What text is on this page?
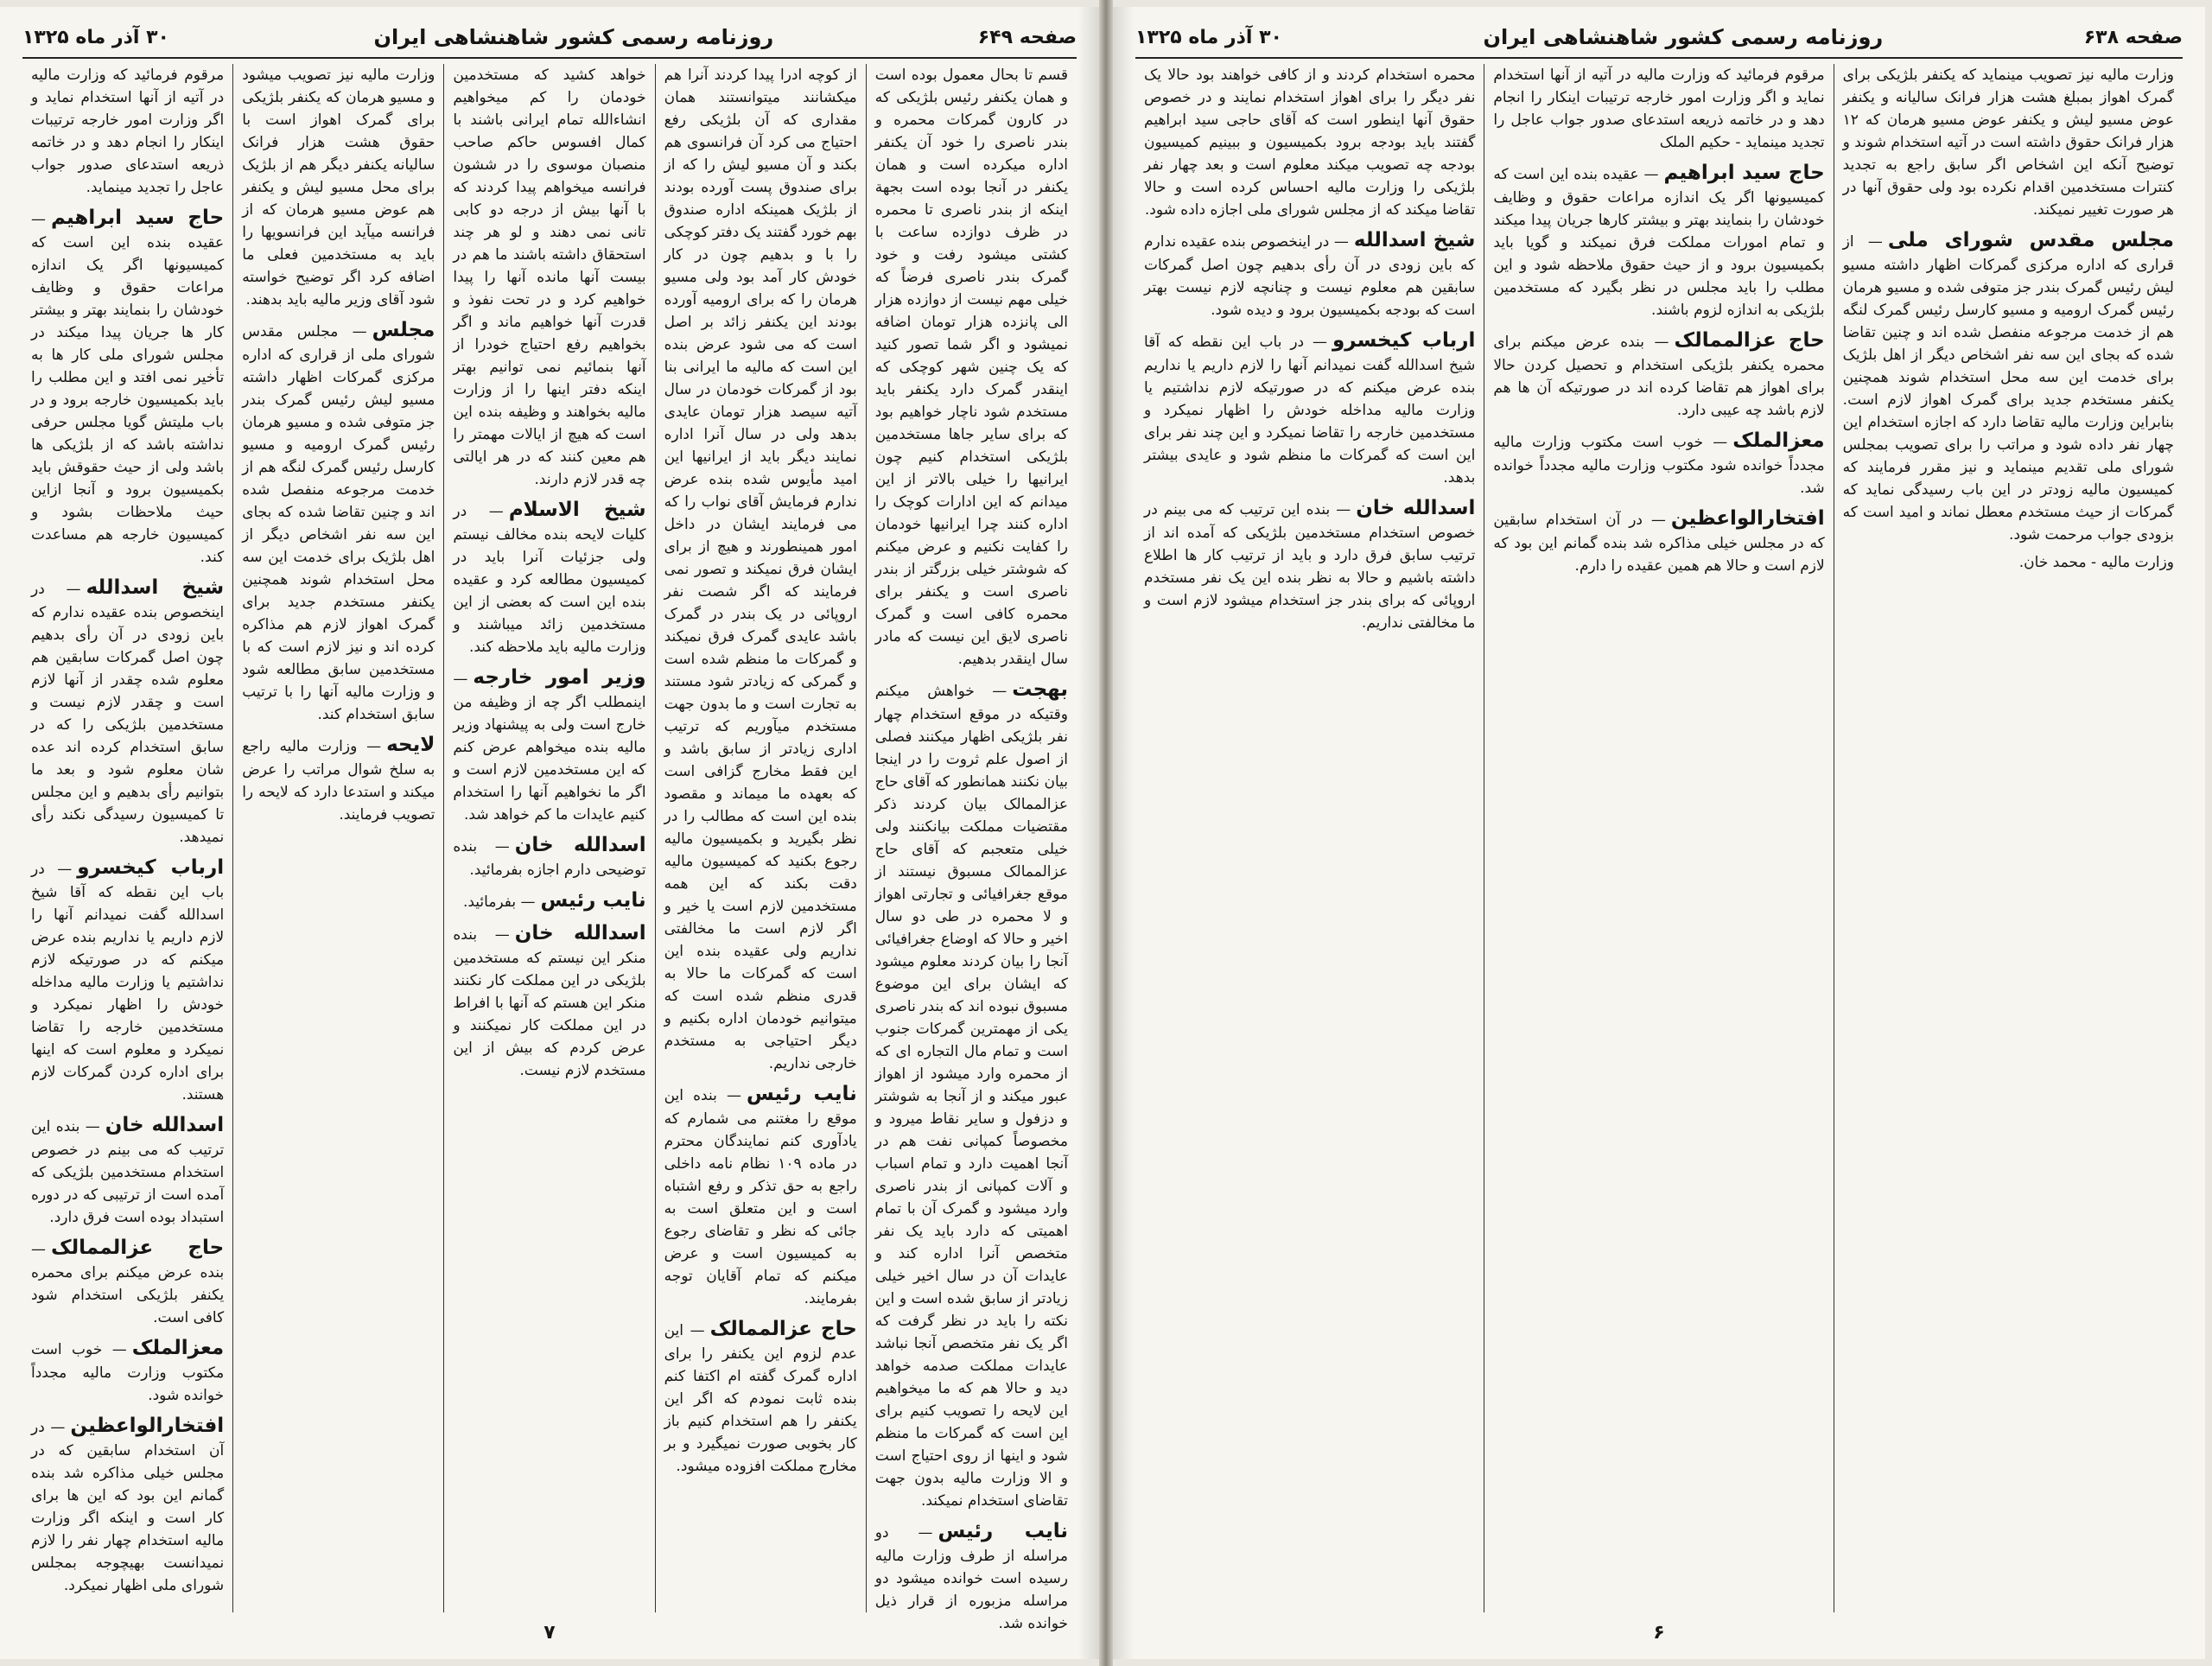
صفحه ۶۴۹
روزنامه رسمی کشور شاهنشاهی ایران
۳۰ آذر ماه ۱۳۲۵

قسم تا بحال معمول بوده است و همان یکنفر رئیس بلژیکی که در کارون گمرکات محمره و بندر ناصری را خود آن یکنفر اداره میکرده است و همان یکنفر در آنجا بوده است بجهة اینکه از بندر ناصری تا محمره در ظرف دوازده ساعت با کشتی میشود رفت و خود گمرک بندر ناصری فرضاً که خیلی مهم نیست از دوازده هزار الی پانزده هزار تومان اضافه نمیشود و اگر شما تصور کنید که یک چنین شهر کوچکی که اینقدر گمرک دارد یکنفر باید مستخدم شود ناچار خواهیم بود که برای سایر جاها مستخدمین بلژیکی استخدام کنیم چون ایرانیها را خیلی بالاتر از این میدانم که این ادارات کوچک را اداره کنند چرا ایرانیها خودمان را کفایت نکنیم و عرض میکنم که شوشتر خیلی بزرگتر از بندر ناصری است و یکنفر برای محمره کافی است و گمرک ناصری لایق این نیست که مادر سال اینقدر بدهیم.

بهجت— خواهش میکنم وقتیکه در موقع استخدام چهار نفر بلژیکی اظهار میکنند فصلی از اصول علم ثروت را در اینجا بیان نکنند همانطور که آقای حاج عزالممالک بیان کردند ذکر مقتضیات مملکت بیانکنند ولی خیلی متعجبم که آقای حاج عزالممالک مسبوق نیستند از موقع جغرافیائی و تجارتی اهواز و لا محمره در طی دو سال اخیر و حالا که اوضاع جغرافیائی آنجا را بیان کردند معلوم میشود که ایشان برای این موضوع مسبوق نبوده اند که بندر ناصری یکی از مهمترین گمرکات جنوب است و تمام مال التجاره ای که از محمره وارد میشود از اهواز عبور میکند و از آنجا به شوشتر و دزفول و سایر نقاط میرود و مخصوصاً کمپانی نفت هم در آنجا اهمیت دارد و تمام اسباب و آلات کمپانی از بندر ناصری وارد میشود و گمرک آن با تمام اهمیتی که دارد باید یک نفر متخصص آنرا اداره کند و عایدات آن در سال اخیر خیلی زیادتر از سابق شده است و این نکته را باید در نظر گرفت که اگر یک نفر متخصص آنجا نباشد عایدات مملکت صدمه خواهد دید و حالا هم که ما میخواهیم این لایحه را تصویب کنیم برای این است که گمرکات ما منظم شود و اینها از روی احتیاج است و الا وزارت مالیه بدون جهت تقاضای استخدام نمیکند.

نایب رئیس— دو مراسله از طرف وزارت مالیه رسیده است خوانده میشود دو مراسله مزبوره از قرار ذیل خوانده شد.

از کوچه ادرا پیدا کردند آنرا هم میکشانند میتوانستند همان مقداری که آن بلژیکی رفع احتیاج می کرد آن فرانسوی هم بکند و آن مسیو لیش را که از برای صندوق پست آورده بودند از بلژیک همینکه اداره صندوق بهم خورد گفتند یک دفتر کوچکی را با و بدهیم چون در کار خودش کار آمد بود ولی مسیو هرمان را که برای ارومیه آورده بودند این یکنفر زائد بر اصل است که می شود عرض بنده این است که مالیه ما ایرانی بنا بود از گمرکات خودمان در سال آتیه سیصد هزار تومان عایدی بدهد ولی در سال آنرا اداره نمایند دیگر باید از ایرانیها این امید مأیوس شده بنده عرض ندارم فرمایش آقای نواب را که می فرمایند ایشان در داخل امور همینطورند و هیچ از برای ایشان فرق نمیکند و تصور نمی فرمایند که اگر شصت نفر اروپائی در یک بندر در گمرک باشد عایدی گمرک فرق نمیکند و گمرکات ما منظم شده است و گمرکی که زیادتر شود مستند به تجارت است و ما بدون جهت مستخدم میآوریم که ترتیب اداری زیادتر از سابق باشد و این فقط مخارج گزافی است که بعهده ما میماند و مقصود بنده این است که مطالب را در نظر بگیرید و بکمیسیون مالیه رجوع بکنید که کمیسیون مالیه دقت بکند که این همه مستخدمین لازم است یا خیر و اگر لازم است ما مخالفتی نداریم ولی عقیده بنده این است که گمرکات ما حالا به قدری منظم شده است که میتوانیم خودمان اداره بکنیم و دیگر احتیاجی به مستخدم خارجی نداریم.

نایب رئیس— بنده این موقع را مغتنم می شمارم که یادآوری کنم نمایندگان محترم در ماده ۱۰۹ نظام نامه داخلی راجع به حق تذکر و رفع اشتباه است و این متعلق است به جائی که نظر و تقاضای رجوع به کمیسیون است و عرض میکنم که تمام آقایان توجه بفرمایند.

حاج عزالممالک— این عدم لزوم این یکنفر را برای اداره گمرک گفته ام اکتفا کنم بنده ثابت نمودم که اگر این یکنفر را هم استخدام کنیم باز کار بخوبی صورت نمیگیرد و بر مخارج مملکت افزوده میشود.

خواهد کشید که مستخدمین خودمان را کم میخواهیم انشاءالله تمام ایرانی باشند با کمال افسوس حاکم صاحب منصبان موسوی را در ششون فرانسه میخواهم پیدا کردند که با آنها بیش از درجه دو کابی تانی نمی دهند و لو هر چند استحقاق داشته باشند ما هم در بیست آنها مانده آنها را پیدا خواهیم کرد و در تحت نفوذ و قدرت آنها خواهیم ماند و اگر بخواهیم رفع احتیاج خودرا از آنها بنمائیم نمی توانیم بهتر اینکه دفتر اینها را از وزارت مالیه بخواهند و وظیفه بنده این است که هیچ از ایالات مهمتر را هم معین کنند که در هر ایالتی چه قدر لازم دارند.

شیخ الاسلام— در کلیات لایحه بنده مخالف نیستم ولی جزئیات آنرا باید در کمیسیون مطالعه کرد و عقیده بنده این است که بعضی از این مستخدمین زائد میباشند و وزارت مالیه باید ملاحظه کند.

وزیر امور خارجه— اینمطلب اگر چه از وظیفه من خارج است ولی به پیشنهاد وزیر مالیه بنده میخواهم عرض کنم که این مستخدمین لازم است و اگر ما نخواهیم آنها را استخدام کنیم عایدات ما کم خواهد شد.

اسدالله خان— بنده توضیحی دارم اجازه بفرمائید.

نایب رئیس— بفرمائید.

اسدالله خان— بنده منکر این نیستم که مستخدمین بلژیکی در این مملکت کار نکنند منکر این هستم که آنها با افراط در این مملکت کار نمیکنند و عرض کردم که بیش از این مستخدم لازم نیست.

وزارت مالیه نیز تصویب میشود و مسیو هرمان که یکنفر بلژیکی برای گمرک اهواز است با حقوق هشت هزار فرانک سالیانه یکنفر دیگر هم از بلژیک برای محل مسیو لیش و یکنفر هم عوض مسیو هرمان که از فرانسه میآید این فرانسویها را باید به مستخدمین فعلی ما اضافه کرد اگر توضیح خواسته شود آقای وزیر مالیه باید بدهند.

مجلس— مجلس مقدس شورای ملی از قراری که اداره مرکزی گمرکات اظهار داشته مسیو لیش رئیس گمرک بندر جز متوفی شده و مسیو هرمان رئیس گمرک ارومیه و مسیو کارسل رئیس گمرک لنگه هم از خدمت مرجوعه منفصل شده اند و چنین تقاضا شده که بجای این سه نفر اشخاص دیگر از اهل بلژیک برای خدمت این سه محل استخدام شوند همچنین یکنفر مستخدم جدید برای گمرک اهواز لازم هم مذاکره کرده اند و نیز لازم است که با مستخدمین سابق مطالعه شود و وزارت مالیه آنها را با ترتیب سابق استخدام کند.

لایحه— وزارت مالیه راجع به سلخ شوال مراتب را عرض میکند و استدعا دارد که لایحه را تصویب فرمایند.

مرقوم فرمائید که وزارت مالیه در آتیه از آنها استخدام نماید و اگر وزارت امور خارجه ترتیبات اینکار را انجام دهد و در خاتمه ذریعه استدعای صدور جواب عاجل را تجدید مینماید.

حاج سید ابراهیم— عقیده بنده این است که کمیسیونها اگر یک اندازه مراعات حقوق و وظایف خودشان را بنمایند بهتر و بیشتر کار ها جریان پیدا میکند در مجلس شورای ملی کار ها به تأخیر نمی افتد و این مطلب را باید بکمیسیون خارجه برود و در باب ملیتش گویا مجلس حرفی نداشته باشد که از بلژیکی ها باشد ولی از حیث حقوقش باید بکمیسیون برود و آنجا ازاین حیث ملاحظات بشود و کمیسیون خارجه هم مساعدت کند.

شیخ اسدالله— در اینخصوص بنده عقیده ندارم که باین زودی در آن رأی بدهیم چون اصل گمرکات سابقین هم معلوم شده چقدر از آنها لازم است و چقدر لازم نیست و مستخدمین بلژیکی را که در سابق استخدام کرده اند عده شان معلوم شود و بعد ما بتوانیم رأی بدهیم و این مجلس تا کمیسیون رسیدگی نکند رأی نمیدهد.

ارباب کیخسرو— در باب این نقطه که آقا شیخ اسدالله گفت نمیدانم آنها را لازم داریم یا نداریم بنده عرض میکنم که در صورتیکه لازم نداشتیم یا وزارت مالیه مداخله خودش را اظهار نمیکرد و مستخدمین خارجه را تقاضا نمیکرد و معلوم است که اینها برای اداره کردن گمرکات لازم هستند.

اسدالله خان— بنده این ترتیب که می بینم در خصوص استخدام مستخدمین بلژیکی که آمده است از ترتیبی که در دوره استبداد بوده است فرق دارد.

حاج عزالممالک— بنده عرض میکنم برای محمره یکنفر بلژیکی استخدام شود کافی است.

معزالملک— خوب است مکتوب وزارت مالیه مجدداً خوانده شود.

افتخارالواعظین— در آن استخدام سابقین که در مجلس خیلی مذاکره شد بنده گمانم این بود که این ها برای کار است و اینکه اگر وزارت مالیه استخدام چهار نفر را لازم نمیدانست بهیچوجه بمجلس شورای ملی اظهار نمیکرد.

۷
صفحه ۶۳۸
روزنامه رسمی کشور شاهنشاهی ایران
۳۰ آذر ماه ۱۳۲۵

وزارت مالیه نیز تصویب مینماید که یکنفر بلژیکی برای گمرک اهواز بمبلغ هشت هزار فرانک سالیانه و یکنفر عوض مسیو لیش و یکنفر عوض مسیو هرمان که ۱۲ هزار فرانک حقوق داشته است در آتیه استخدام شوند و توضیح آنکه این اشخاص اگر سابق راجع به تجدید کنترات مستخدمین اقدام نکرده بود ولی حقوق آنها در هر صورت تغییر نمیکند.

مجلس مقدس شورای ملی— از قراری که اداره مرکزی گمرکات اظهار داشته مسیو لیش رئیس گمرک بندر جز متوفی شده و مسیو هرمان رئیس گمرک ارومیه و مسیو کارسل رئیس گمرک لنگه هم از خدمت مرجوعه منفصل شده اند و چنین تقاضا شده که بجای این سه نفر اشخاص دیگر از اهل بلژیک برای خدمت این سه محل استخدام شوند همچنین یکنفر مستخدم جدید برای گمرک اهواز لازم است. بنابراین وزارت مالیه تقاضا دارد که اجازه استخدام این چهار نفر داده شود و مراتب را برای تصویب بمجلس شورای ملی تقدیم مینماید و نیز مقرر فرمایند که کمیسیون مالیه زودتر در این باب رسیدگی نماید که گمرکات از حیث مستخدم معطل نماند و امید است که بزودی جواب مرحمت شود.

وزارت مالیه - محمد خان.

مرقوم فرمائید که وزارت مالیه در آتیه از آنها استخدام نماید و اگر وزارت امور خارجه ترتیبات اینکار را انجام دهد و در خاتمه ذریعه استدعای صدور جواب عاجل را تجدید مینماید - حکیم الملک

حاج سید ابراهیم— عقیده بنده این است که کمیسیونها اگر یک اندازه مراعات حقوق و وظایف خودشان را بنمایند بهتر و بیشتر کارها جریان پیدا میکند و تمام امورات مملکت فرق نمیکند و گویا باید بکمیسیون برود و از حیث حقوق ملاحظه شود و این مطلب را باید مجلس در نظر بگیرد که مستخدمین بلژیکی به اندازه لزوم باشند.

حاج عزالممالک— بنده عرض میکنم برای محمره یکنفر بلژیکی استخدام و تحصیل کردن حالا برای اهواز هم تقاضا کرده اند در صورتیکه آن ها هم لازم باشد چه عیبی دارد.

معزالملک— خوب است مکتوب وزارت مالیه مجدداً خوانده شود مکتوب وزارت مالیه مجدداً خوانده شد.

افتخارالواعظین— در آن استخدام سابقین که در مجلس خیلی مذاکره شد بنده گمانم این بود که لازم است و حالا هم همین عقیده را دارم.

محمره استخدام کردند و از کافی خواهند بود حالا یک نفر دیگر را برای اهواز استخدام نمایند و در خصوص حقوق آنها اینطور است که آقای حاجی سید ابراهیم گفتند باید بودجه برود بکمیسیون و ببینیم کمیسیون بودجه چه تصویب میکند معلوم است و بعد چهار نفر بلژیکی را وزارت مالیه احساس کرده است و حالا تقاضا میکند که از مجلس شورای ملی اجازه داده شود.

شیخ اسدالله— در اینخصوص بنده عقیده ندارم که باین زودی در آن رأی بدهیم چون اصل گمرکات سابقین هم معلوم نیست و چنانچه لازم نیست بهتر است که بودجه بکمیسیون برود و دیده شود.

ارباب کیخسرو— در باب این نقطه که آقا شیخ اسدالله گفت نمیدانم آنها را لازم داریم یا نداریم بنده عرض میکنم که در صورتیکه لازم نداشتیم یا وزارت مالیه مداخله خودش را اظهار نمیکرد و مستخدمین خارجه را تقاضا نمیکرد و این چند نفر برای این است که گمرکات ما منظم شود و عایدی بیشتر بدهد.

اسدالله خان— بنده این ترتیب که می بینم در خصوص استخدام مستخدمین بلژیکی که آمده اند از ترتیب سابق فرق دارد و باید از ترتیب کار ها اطلاع داشته باشیم و حالا به نظر بنده این یک نفر مستخدم اروپائی که برای بندر جز استخدام میشود لازم است و ما مخالفتی نداریم.

۶
